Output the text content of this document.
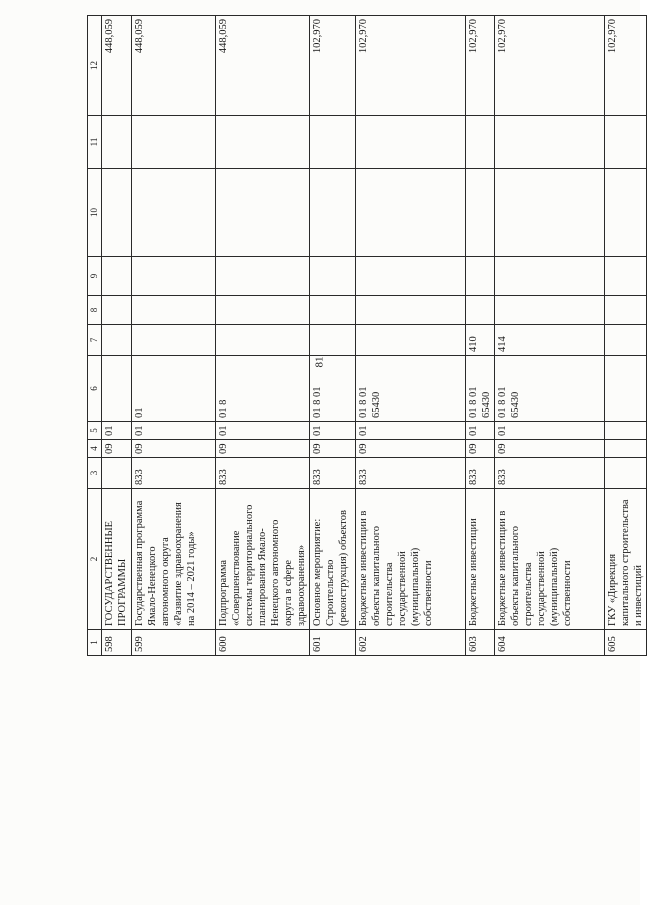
81
1	2	3	4	5	6	7	8	9	10	11	12
598	ГОСУДАРСТВЕННЫЕ ПРОГРАММЫ		09	01							448,059
599	Государственная программа Ямало-Ненецкого автономного округа «Развитие здравоохранения на 2014 – 2021 годы»	833	09	01	01						448,059
600	Подпрограмма «Совершенствование системы территориального планирования Ямало-Ненецкого автономного округа в сфере здравоохранения»	833	09	01	01 8						448,059
601	Основное мероприятие: Строительство (реконструкция) объектов	833	09	01	01 8 01						102,970
602	Бюджетные инвестиции в объекты капитального строительства государственной (муниципальной) собственности	833	09	01	01 8 01 65430						102,970
603	Бюджетные инвестиции	833	09	01	01 8 01 65430	410					102,970
604	Бюджетные инвестиции в объекты капитального строительства государственной (муниципальной) собственности	833	09	01	01 8 01 65430	414					102,970
605	ГКУ «Дирекция капитального строительства и инвестиций										102,970
